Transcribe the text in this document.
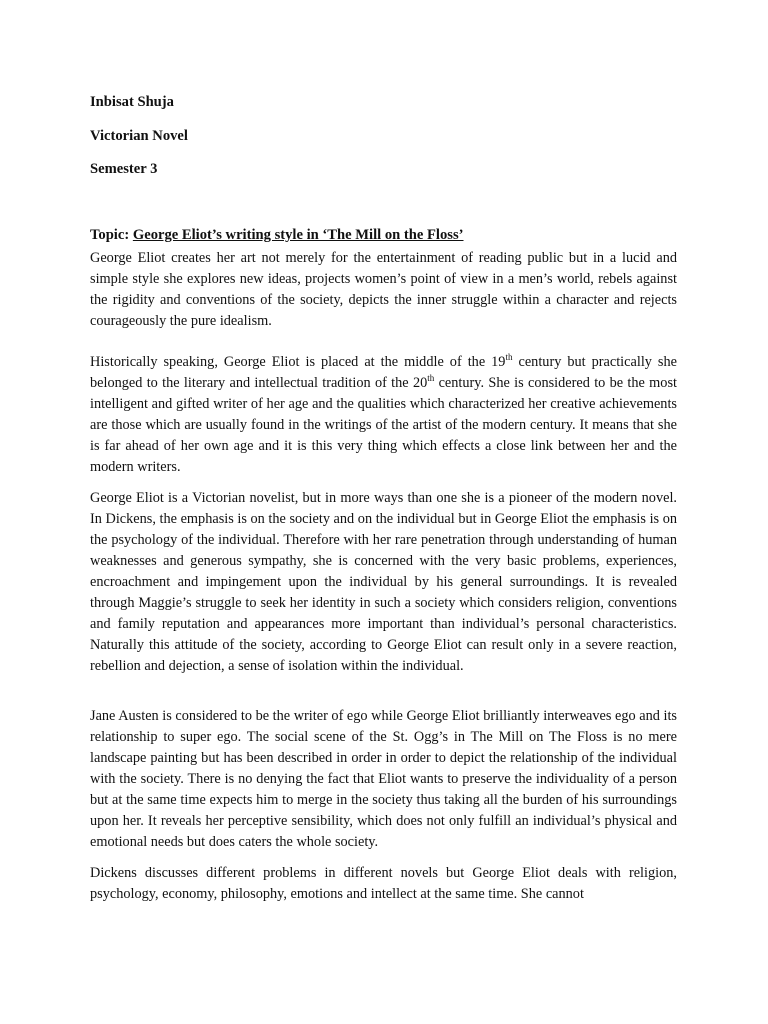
Inbisat Shuja
Victorian Novel
Semester 3
Topic: George Eliot’s writing style in ‘The Mill on the Floss’

George Eliot creates her art not merely for the entertainment of reading public but in a lucid and simple style she explores new ideas, projects women’s point of view in a men’s world, rebels against the rigidity and conventions of the society, depicts the inner struggle within a character and rejects courageously the pure idealism.

Historically speaking, George Eliot is placed at the middle of the 19th century but practically she belonged to the literary and intellectual tradition of the 20th century. She is considered to be the most intelligent and gifted writer of her age and the qualities which characterized her creative achievements are those which are usually found in the writings of the artist of the modern century. It means that she is far ahead of her own age and it is this very thing which effects a close link between her and the modern writers.

George Eliot is a Victorian novelist, but in more ways than one she is a pioneer of the modern novel. In Dickens, the emphasis is on the society and on the individual but in George Eliot the emphasis is on the psychology of the individual. Therefore with her rare penetration through understanding of human weaknesses and generous sympathy, she is concerned with the very basic problems, experiences, encroachment and impingement upon the individual by his general surroundings. It is revealed through Maggie’s struggle to seek her identity in such a society which considers religion, conventions and family reputation and appearances more important than individual’s personal characteristics. Naturally this attitude of the society, according to George Eliot can result only in a severe reaction, rebellion and dejection, a sense of isolation within the individual.

Jane Austen is considered to be the writer of ego while George Eliot brilliantly interweaves ego and its relationship to super ego. The social scene of the St. Ogg’s in The Mill on The Floss is no mere landscape painting but has been described in order in order to depict the relationship of the individual with the society. There is no denying the fact that Eliot wants to preserve the individuality of a person but at the same time expects him to merge in the society thus taking all the burden of his surroundings upon her. It reveals her perceptive sensibility, which does not only fulfill an individual’s physical and emotional needs but does caters the whole society.

Dickens discusses different problems in different novels but George Eliot deals with religion, psychology, economy, philosophy, emotions and intellect at the same time. She cannot
